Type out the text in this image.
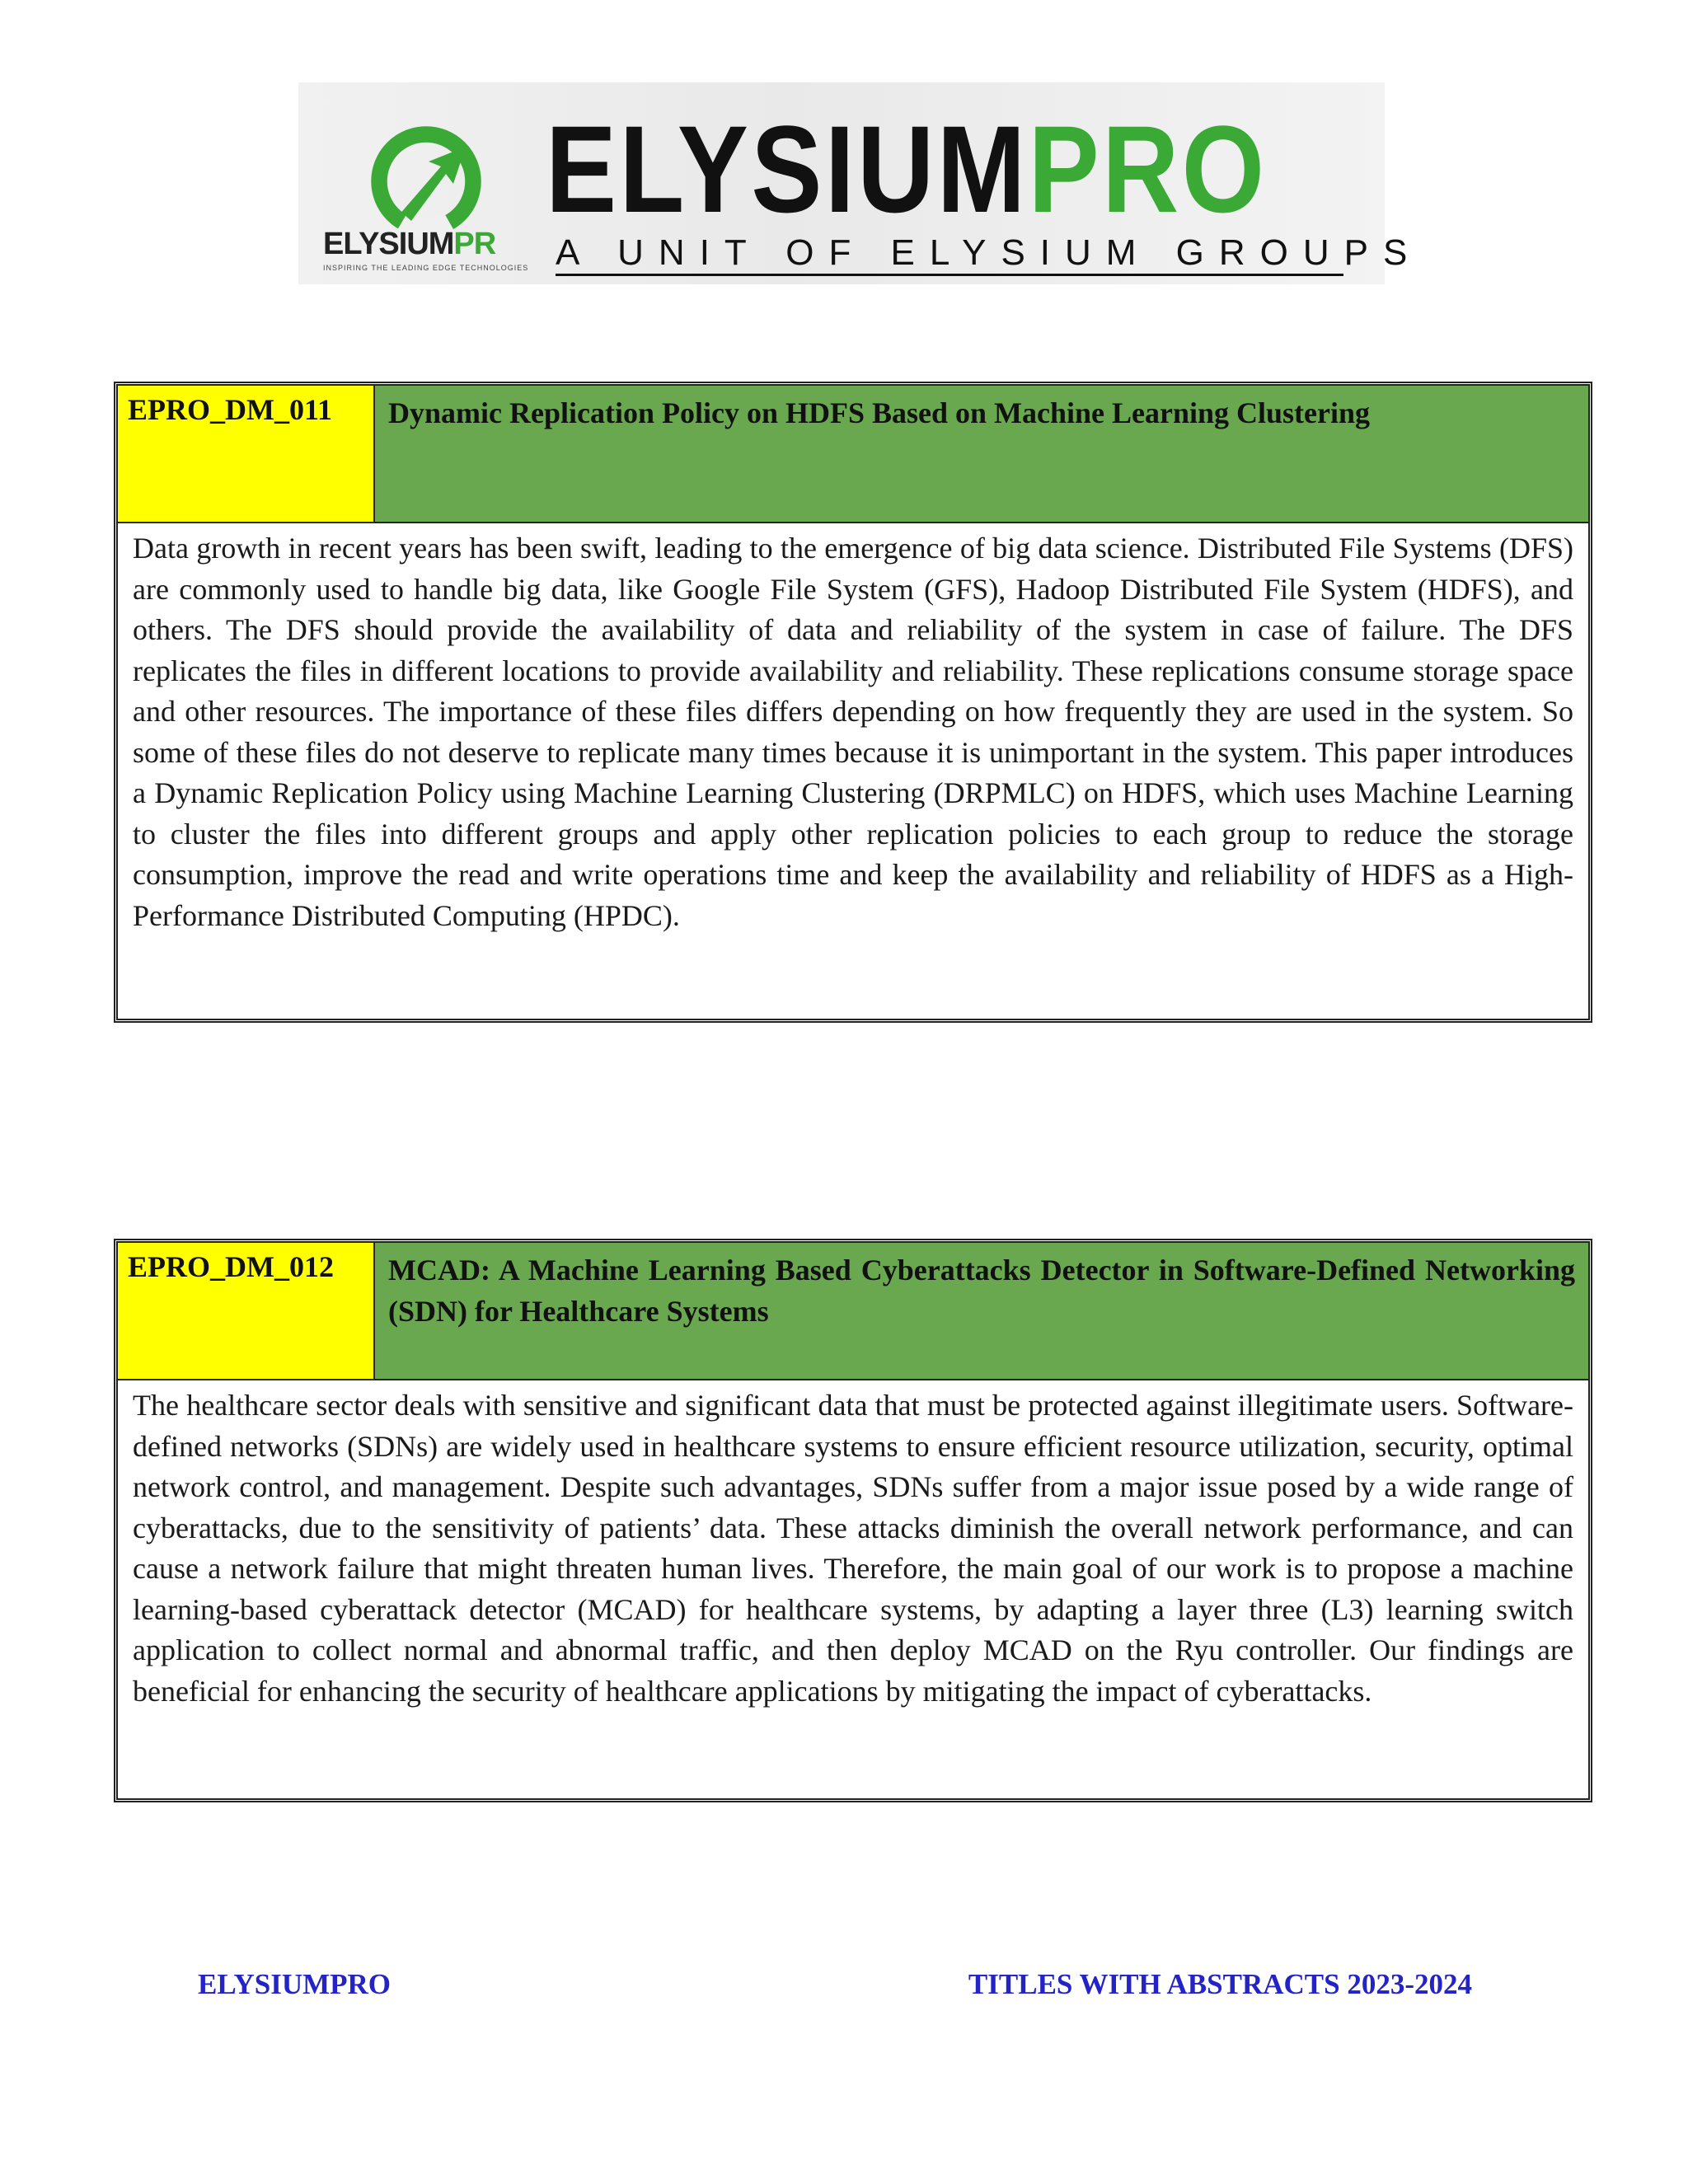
ELYSIUMPR
INSPIRING THE LEADING EDGE TECHNOLOGIES
ELYSIUMPRO
A UNIT OF ELYSIUM GROUPS
EPRO_DM_011	Dynamic Replication Policy on HDFS Based on Machine Learning Clustering
Data growth in recent years has been swift, leading to the emergence of big data science. Distributed File Systems (DFS) are commonly used to handle big data, like Google File System (GFS), Hadoop Distributed File System (HDFS), and others. The DFS should provide the availability of data and reliability of the system in case of failure. The DFS replicates the files in different locations to provide availability and reliability. These replications consume storage space and other resources. The importance of these files differs depending on how frequently they are used in the system. So some of these files do not deserve to replicate many times because it is unimportant in the system. This paper introduces a Dynamic Replication Policy using Machine Learning Clustering (DRPMLC) on HDFS, which uses Machine Learning to cluster the files into different groups and apply other replication policies to each group to reduce the storage consumption, improve the read and write operations time and keep the availability and reliability of HDFS as a High-Performance Distributed Computing (HPDC).
EPRO_DM_012	MCAD: A Machine Learning Based Cyberattacks Detector in Software-Defined Networking (SDN) for Healthcare Systems
The healthcare sector deals with sensitive and significant data that must be protected against illegitimate users. Software-defined networks (SDNs) are widely used in healthcare systems to ensure efficient resource utilization, security, optimal network control, and management. Despite such advantages, SDNs suffer from a major issue posed by a wide range of cyberattacks, due to the sensitivity of patients’ data. These attacks diminish the overall network performance, and can cause a network failure that might threaten human lives. Therefore, the main goal of our work is to propose a machine learning-based cyberattack detector (MCAD) for healthcare systems, by adapting a layer three (L3) learning switch application to collect normal and abnormal traffic, and then deploy MCAD on the Ryu controller. Our findings are beneficial for enhancing the security of healthcare applications by mitigating the impact of cyberattacks.
ELYSIUMPRO	TITLES WITH ABSTRACTS 2023-2024
